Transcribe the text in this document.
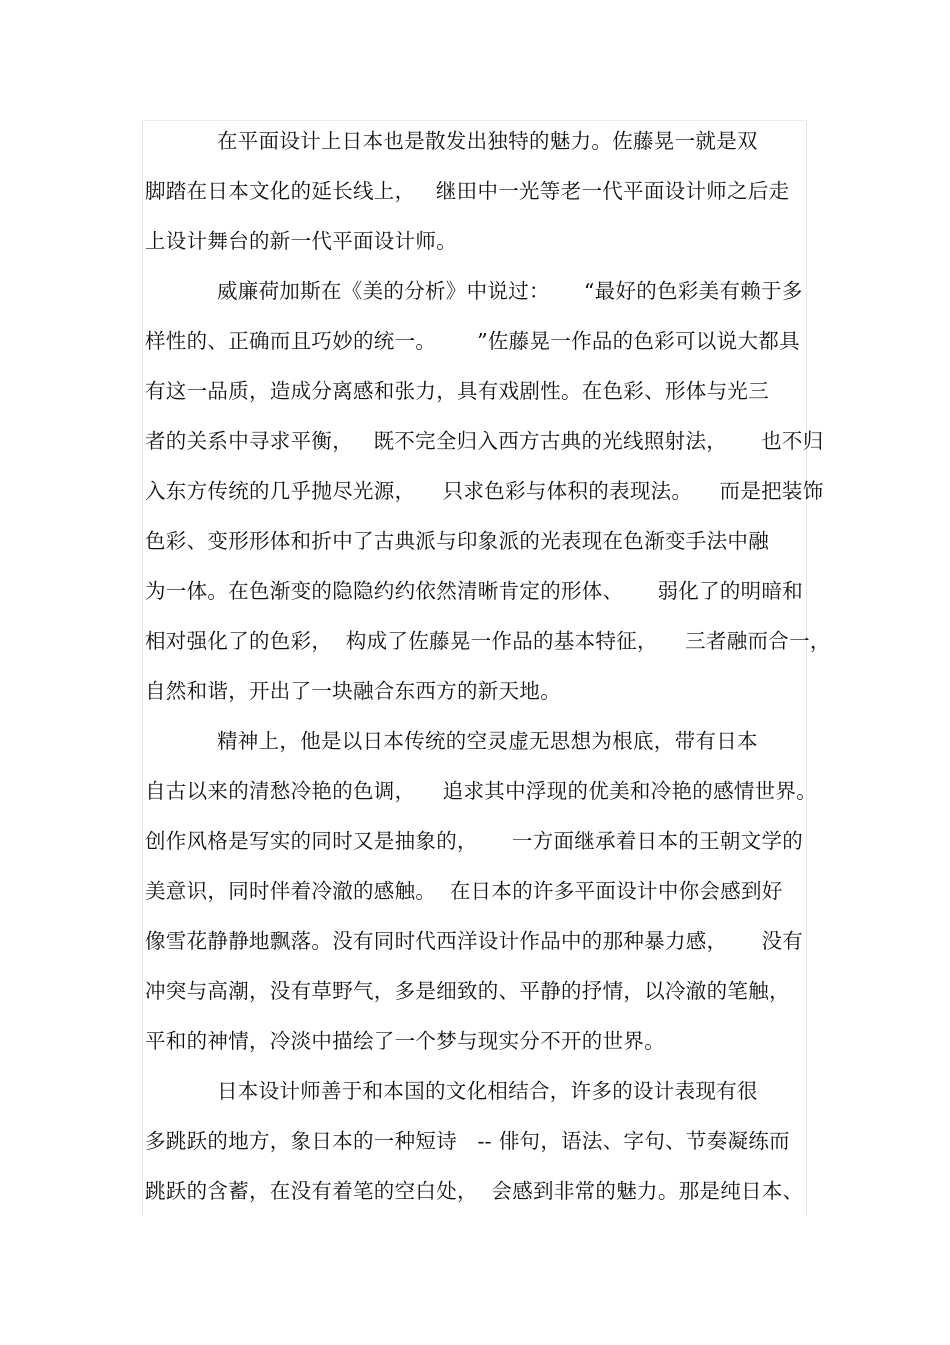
在平面设计上日本也是散发出独特的魅力。佐藤晃一就是双
脚踏在日本文化的延长线上，   继田中一光等老一代平面设计师之后走
上设计舞台的新一代平面设计师。
威廉荷加斯在《美的分析》中说过：     “最好的色彩美有赖于多
样性的、正确而且巧妙的统一。      ”佐藤晃一作品的色彩可以说大都具
有这一品质，造成分离感和张力，具有戏剧性。在色彩、形体与光三
者的关系中寻求平衡，   既不完全归入西方古典的光线照射法，     也不归
入东方传统的几乎抛尽光源，    只求色彩与体积的表现法。    而是把装饰
色彩、变形形体和折中了古典派与印象派的光表现在色渐变手法中融
为一体。在色渐变的隐隐约约依然清晰肯定的形体、     弱化了的明暗和
相对强化了的色彩，  构成了佐藤晃一作品的基本特征，    三者融而合一，
自然和谐，开出了一块融合东西方的新天地。
精神上，他是以日本传统的空灵虚无思想为根底，带有日本
自古以来的清愁冷艳的色调，    追求其中浮现的优美和冷艳的感情世界。
创作风格是写实的同时又是抽象的，     一方面继承着日本的王朝文学的
美意识，同时伴着冷澈的感触。  在日本的许多平面设计中你会感到好
像雪花静静地飘落。没有同时代西洋设计作品中的那种暴力感，     没有
冲突与高潮，没有草野气，多是细致的、平静的抒情，以冷澈的笔触，
平和的神情，冷淡中描绘了一个梦与现实分不开的世界。
日本设计师善于和本国的文化相结合，许多的设计表现有很
多跳跃的地方，象日本的一种短诗   -- 俳句，语法、字句、节奏凝练而
跳跃的含蓄，在没有着笔的空白处，  会感到非常的魅力。那是纯日本、
